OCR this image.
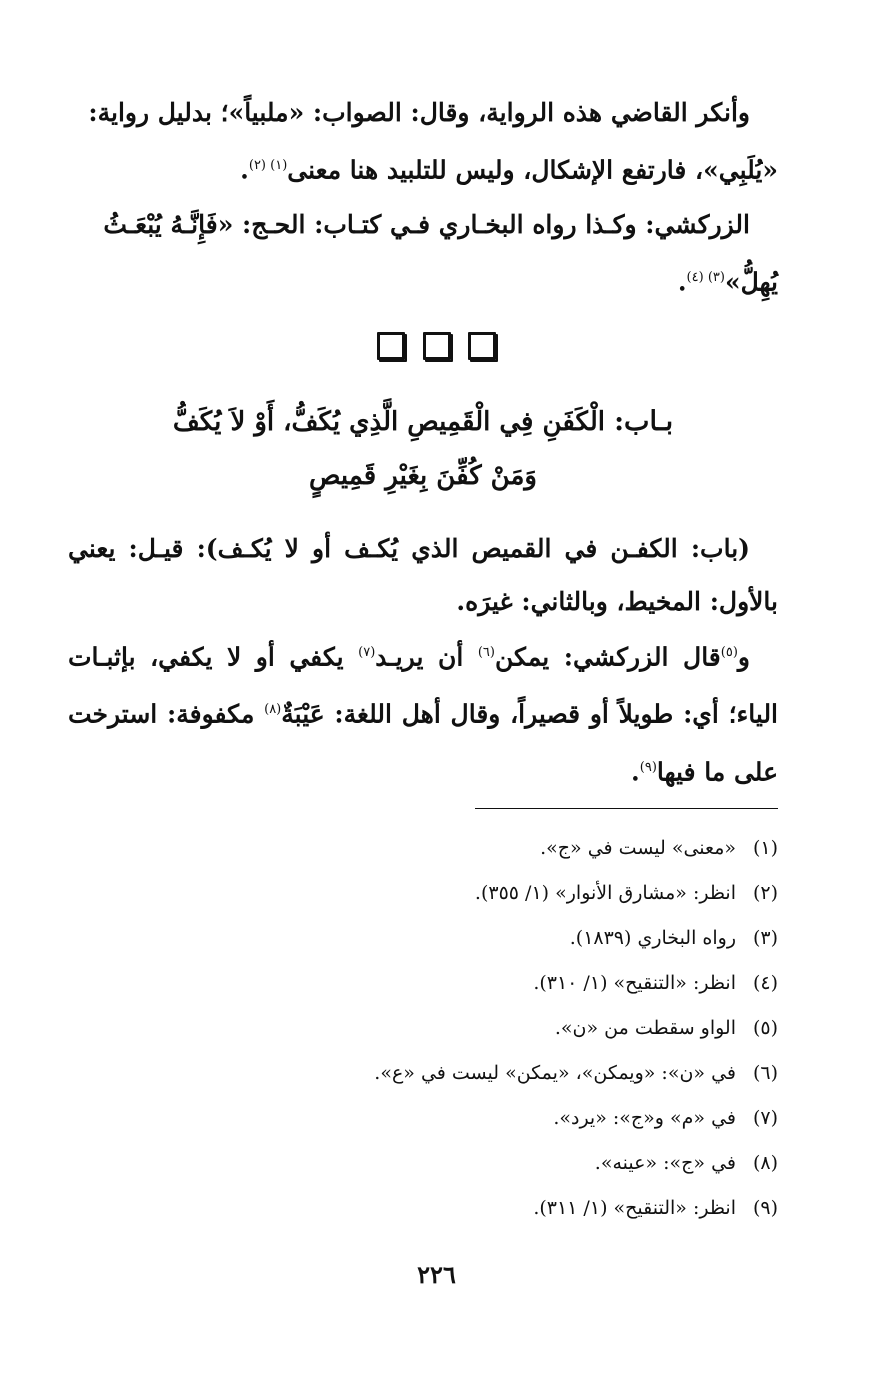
وأنكر القاضي هذه الرواية، وقال: الصواب: «ملبياً»؛ بدليل رواية:

«يُلَبِي»، فارتفع الإشكال، وليس للتلبيد هنا معنى$^{(١) (٢)}$.

الزركشي: وكـذا رواه البخـاري فـي كتـاب: الحـج: «فَإِنَّـهُ يُبْعَـثُ

يُهِلُّ»$^{(٣) (٤)}$.

بـاب: الْكَفَنِ فِي الْقَمِيصِ الَّذِي يُكَفُّ، أَوْ لاَ يُكَفُّ
وَمَنْ كُفِّنَ بِغَيْرِ قَمِيصٍ

(باب: الكفـن في القميص الذي يُكـف أو لا يُكـف): قيـل: يعني بالأول: المخيط، وبالثاني: غيرَه.

و$^{(٥)}$قال الزركشي: يمكن$^{(٦)}$ أن يريـد$^{(٧)}$ يكفي أو لا يكفي، بإثبـات الياء؛ أي: طويلاً أو قصيراً، وقال أهل اللغة: عَيْبَةٌ$^{(٨)}$ مكفوفة: استرخت على ما فيها$^{(٩)}$.

(١)
«معنى» ليست في «ج».
(٢)
انظر: «مشارق الأنوار» (١/ ٣٥٥).
(٣)
رواه البخاري (١٨٣٩).
(٤)
انظر: «التنقيح» (١/ ٣١٠).
(٥)
الواو سقطت من «ن».
(٦)
في «ن»: «ويمكن»، «يمكن» ليست في «ع».
(٧)
في «م» و«ج»: «يرد».
(٨)
في «ج»: «عينه».
(٩)
انظر: «التنقيح» (١/ ٣١١).
٢٢٦
